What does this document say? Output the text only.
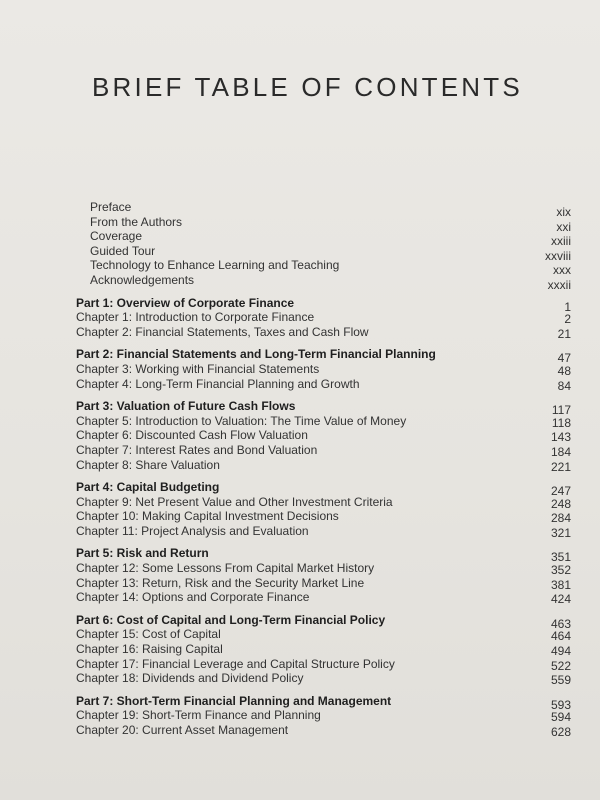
BRIEF TABLE OF CONTENTS
Preface	xix
From the Authors	xxi
Coverage	xxiii
Guided Tour	xxviii
Technology to Enhance Learning and Teaching	xxx
Acknowledgements	xxxii
Part 1: Overview of Corporate Finance	1
Chapter 1: Introduction to Corporate Finance	2
Chapter 2: Financial Statements, Taxes and Cash Flow	21
Part 2: Financial Statements and Long-Term Financial Planning	47
Chapter 3: Working with Financial Statements	48
Chapter 4: Long-Term Financial Planning and Growth	84
Part 3: Valuation of Future Cash Flows	117
Chapter 5: Introduction to Valuation: The Time Value of Money	118
Chapter 6: Discounted Cash Flow Valuation	143
Chapter 7: Interest Rates and Bond Valuation	184
Chapter 8: Share Valuation	221
Part 4: Capital Budgeting	247
Chapter 9: Net Present Value and Other Investment Criteria	248
Chapter 10: Making Capital Investment Decisions	284
Chapter 11: Project Analysis and Evaluation	321
Part 5: Risk and Return	351
Chapter 12: Some Lessons From Capital Market History	352
Chapter 13: Return, Risk and the Security Market Line	381
Chapter 14: Options and Corporate Finance	424
Part 6: Cost of Capital and Long-Term Financial Policy	463
Chapter 15: Cost of Capital	464
Chapter 16: Raising Capital	494
Chapter 17: Financial Leverage and Capital Structure Policy	522
Chapter 18: Dividends and Dividend Policy	559
Part 7: Short-Term Financial Planning and Management	593
Chapter 19: Short-Term Finance and Planning	594
Chapter 20: Current Asset Management	628
